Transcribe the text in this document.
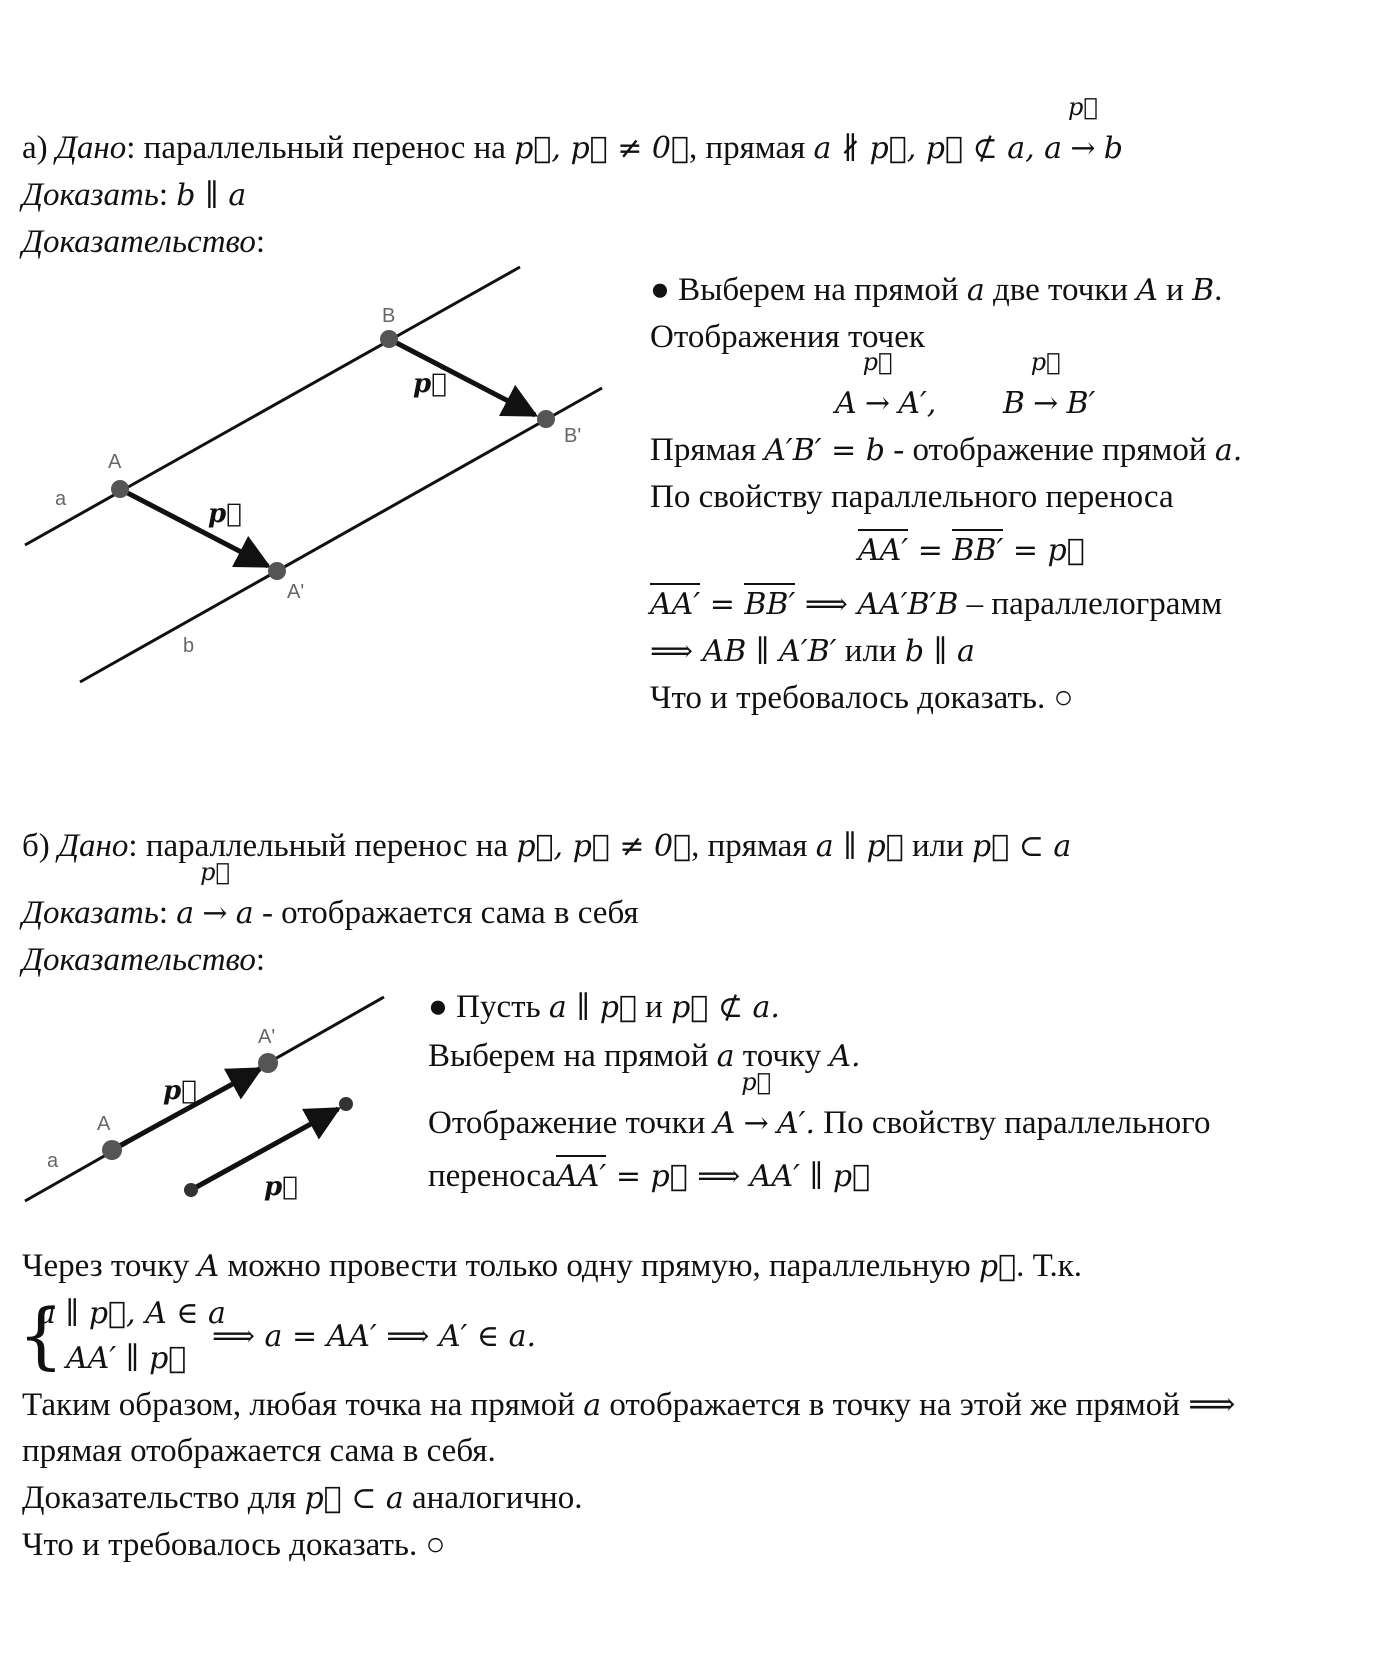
а) Дано: параллельный перенос на p⃗, p⃗ ≠ 0⃗, прямая a ∦ p⃗, p⃗ ⊄ a, a
p⃗
→ b
Доказать: b ∥ a
Доказательство:
B
B'
A
A'
a
b
p⃗
p⃗
● Выберем на прямой a две точки A и B.
Отображения точек
A
p⃗
→ A′, B
p⃗
→ B′
Прямая A′B′ = b - отображение прямой a.
По свойству параллельного переноса
AA′ = BB′ = p⃗
AA′ = BB′ ⟹ AA′B′B – параллелограмм
⟹ AB ∥ A′B′ или b ∥ a
Что и требовалось доказать. ○
б) Дано: параллельный перенос на p⃗, p⃗ ≠ 0⃗, прямая a ∥ p⃗ или p⃗ ⊂ a
Доказать: a
p⃗
→ a - отображается сама в себя
Доказательство:
A
A'
a
p⃗
p⃗
● Пусть a ∥ p⃗ и p⃗ ⊄ a.
Выберем на прямой a точку A.
Отображение точки A
p⃗
→ A′. По свойству параллельного
переносаAA′ = p⃗ ⟹ AA′ ∥ p⃗
Через точку A можно провести только одну прямую, параллельную p⃗. Т.к.
{
a ∥ p⃗, A ∈ a
AA′ ∥ p⃗
⟹ a = AA′ ⟹ A′ ∈ a.
Таким образом, любая точка на прямой a отображается в точку на этой же прямой ⟹
прямая отображается сама в себя.
Доказательство для p⃗ ⊂ a аналогично.
Что и требовалось доказать. ○
